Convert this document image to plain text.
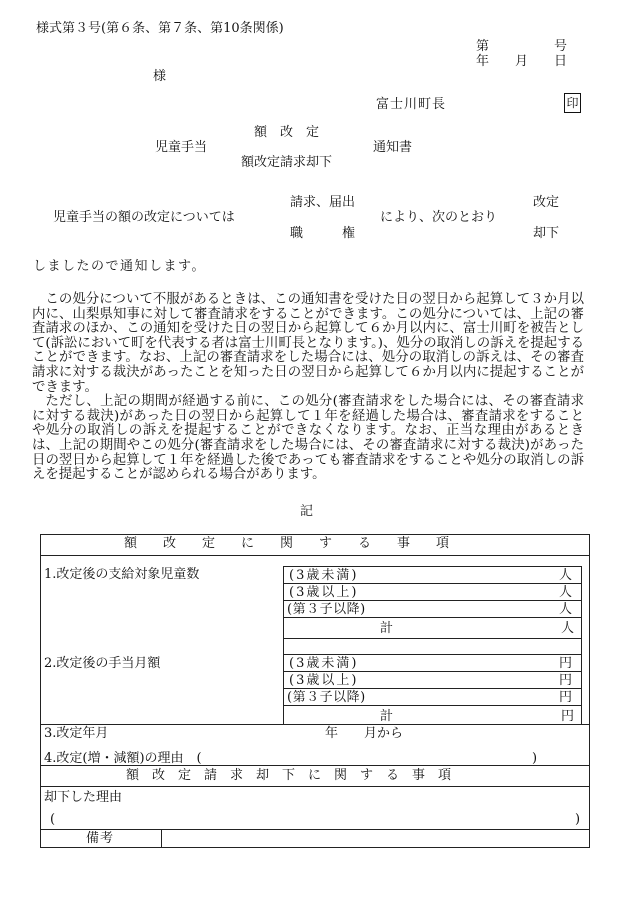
様式第３号(第６条、第７条、第10条関係)
第　　　　　号
年　　月　　日
様
富士川町長	印
児童手当
額　改　定
額改定請求却下
通知書
児童手当の額の改定については
請求、届出
職　　　権
により、次のとおり
改定
却下
しましたので通知します。

この処分について不服があるときは、この通知書を受けた日の翌日から起算して３か月以内に、山梨県知事に対して審査請求をすることができます。この処分については、上記の審査請求のほか、この通知を受けた日の翌日から起算して６か月以内に、富士川町を被告として(訴訟において町を代表する者は富士川町長となります。)、処分の取消しの訴えを提起することができます。なお、上記の審査請求をした場合には、処分の取消しの訴えは、その審査請求に対する裁決があったことを知った日の翌日から起算して６か月以内に提起することができます。

ただし、上記の期間が経過する前に、この処分(審査請求をした場合には、その審査請求に対する裁決)があった日の翌日から起算して１年を経過した場合は、審査請求をすることや処分の取消しの訴えを提起することができなくなります。なお、正当な理由があるときは、上記の期間やこの処分(審査請求をした場合には、その審査請求に対する裁決)があった日の翌日から起算して１年を経過した後であっても審査請求をすることや処分の取消しの訴えを提起することが認められる場合があります。

記
額　　改　　定　　に　　関　　す　　る　　事　　項
1.改定後の支給対象児童数	(3歳未満)	人
(3歳以上)	人
(第３子以降)	人
計	人
2.改定後の手当月額	(3歳未満)	円
(3歳以上)	円
(第３子以降)	円
計	円
3.改定年月	年　　月から
4.改定(増・減額)の理由　(	)
額　改　定　請　求　却　下　に　関　す　る　事　項
却下した理由
(	)
備考
